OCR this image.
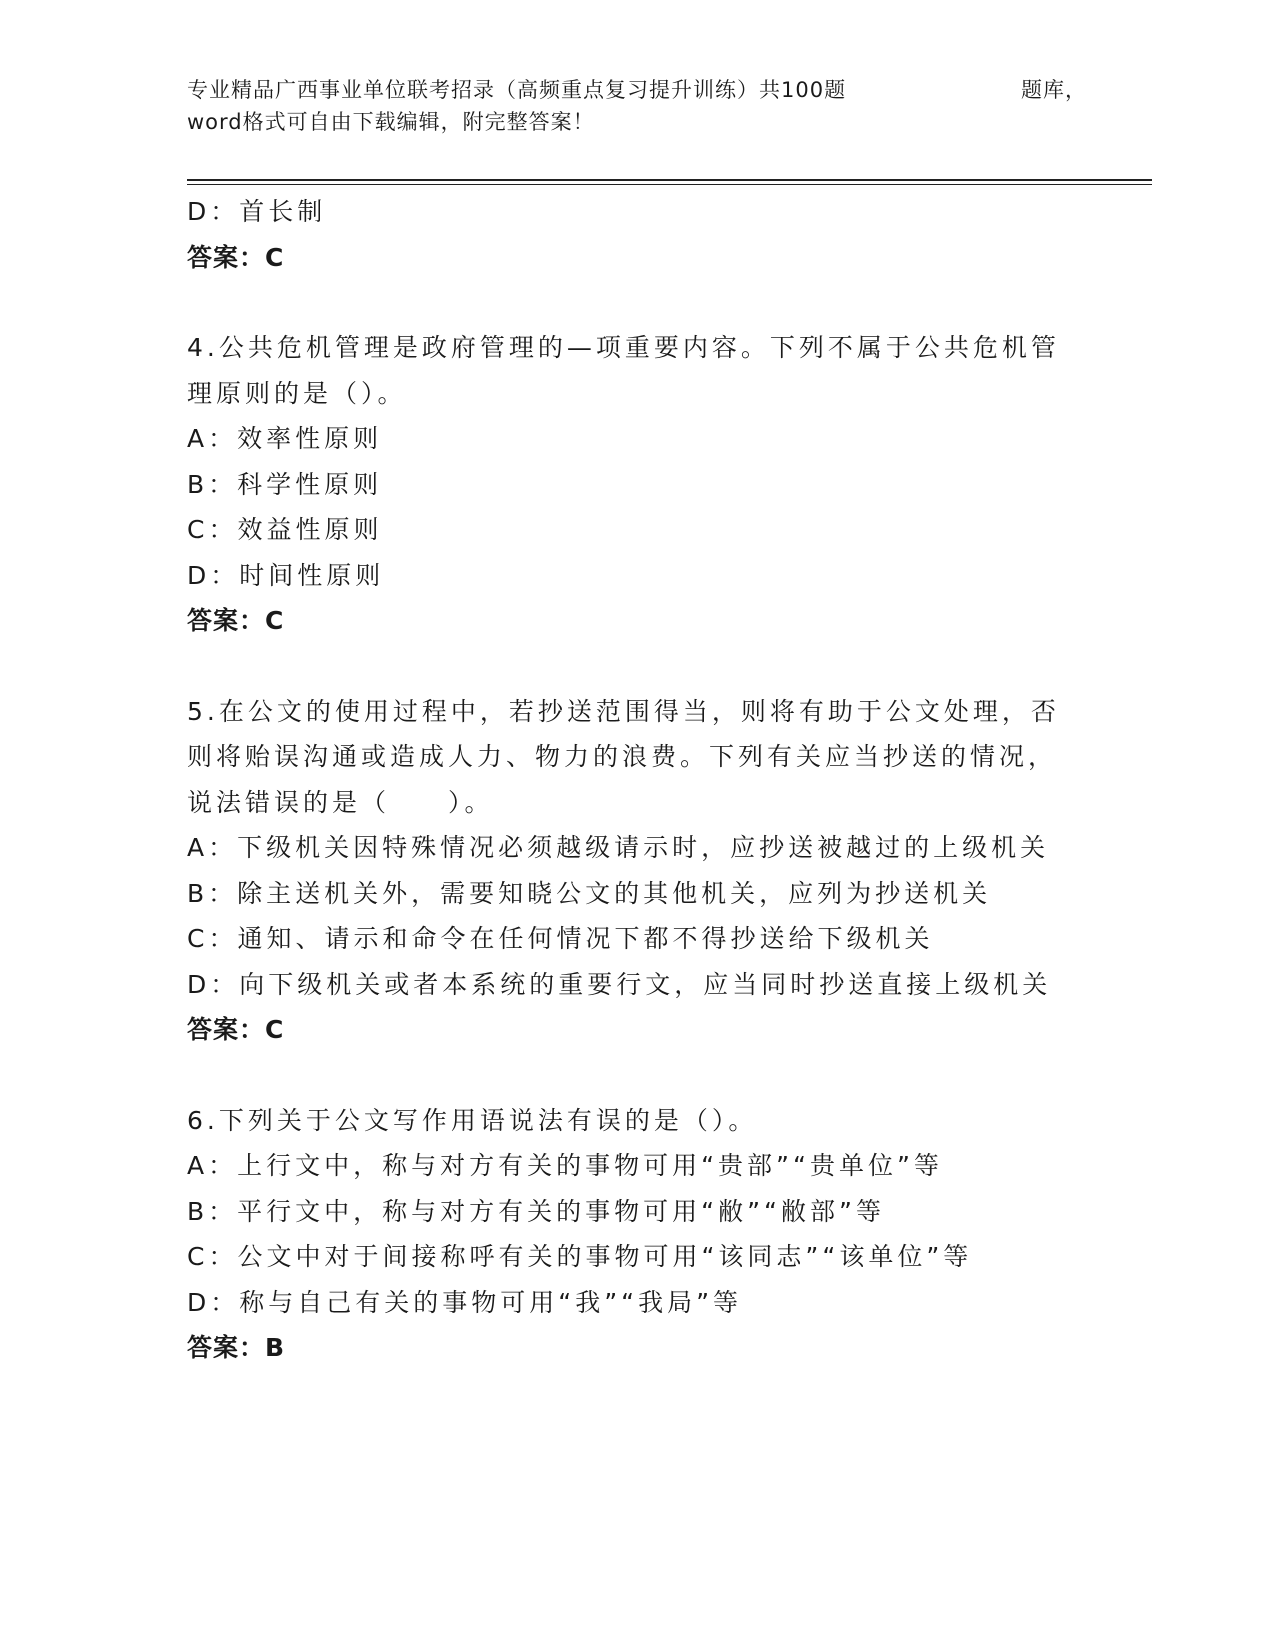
专业精品广西事业单位联考招录（高频重点复习提升训练）共100题	题库，
word格式可自由下载编辑，附完整答案！
D：首长制
答案：C
4.公共危机管理是政府管理的—项重要内容。下列不属于公共危机管
理原则的是（）。
A：效率性原则
B：科学性原则
C：效益性原则
D：时间性原则
答案：C
5.在公文的使用过程中，若抄送范围得当，则将有助于公文处理，否
则将贻误沟通或造成人力、物力的浪费。下列有关应当抄送的情况，
说法错误的是（　　）。
A：下级机关因特殊情况必须越级请示时，应抄送被越过的上级机关
B：除主送机关外，需要知晓公文的其他机关，应列为抄送机关
C：通知、请示和命令在任何情况下都不得抄送给下级机关
D：向下级机关或者本系统的重要行文，应当同时抄送直接上级机关
答案：C
6.下列关于公文写作用语说法有误的是（）。
A：上行文中，称与对方有关的事物可用“贵部”“贵单位”等
B：平行文中，称与对方有关的事物可用“敝”“敝部”等
C：公文中对于间接称呼有关的事物可用“该同志”“该单位”等
D：称与自己有关的事物可用“我”“我局”等
答案：B
